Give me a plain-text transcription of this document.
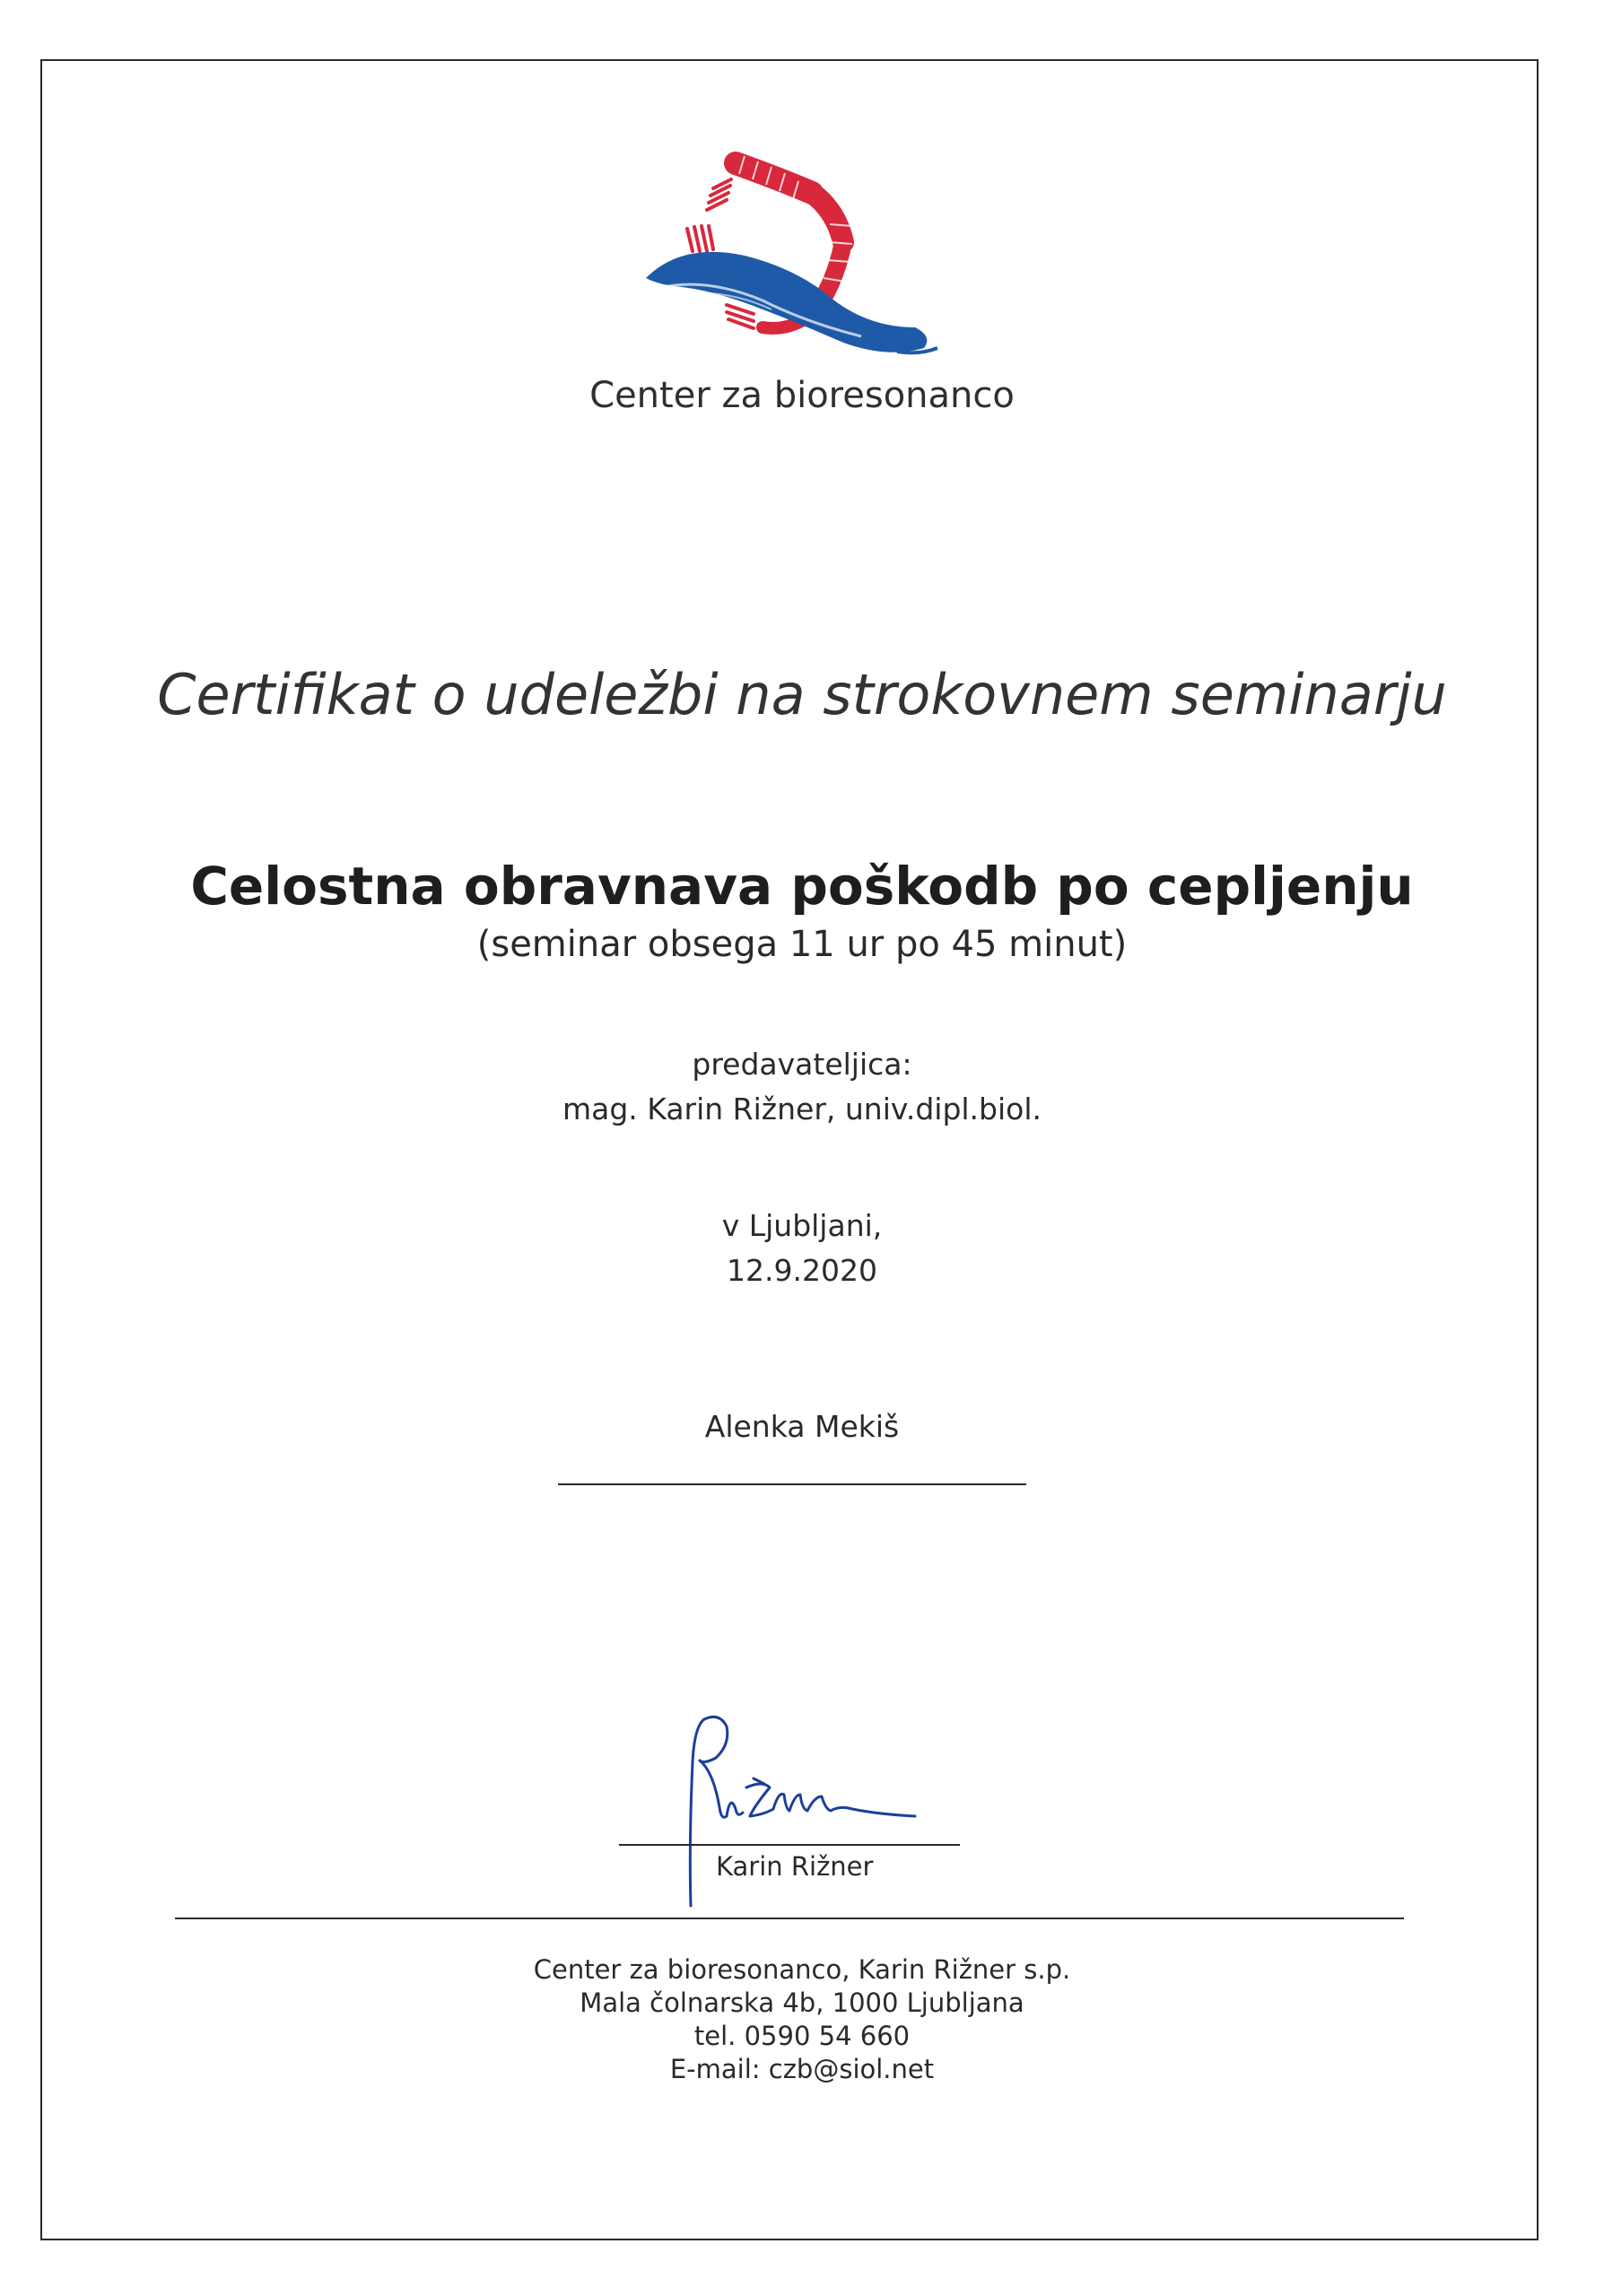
Center za bioresonanco
Certifikat o udeležbi na strokovnem seminarju
Celostna obravnava poškodb po cepljenju
(seminar obsega 11 ur po 45 minut)
predavateljica:
mag. Karin Rižner, univ.dipl.biol.
v Ljubljani,
12.9.2020
Alenka Mekiš
Karin Rižner
Center za bioresonanco, Karin Rižner s.p.
Mala čolnarska 4b, 1000 Ljubljana
tel. 0590 54 660
E-mail: czb@siol.net
